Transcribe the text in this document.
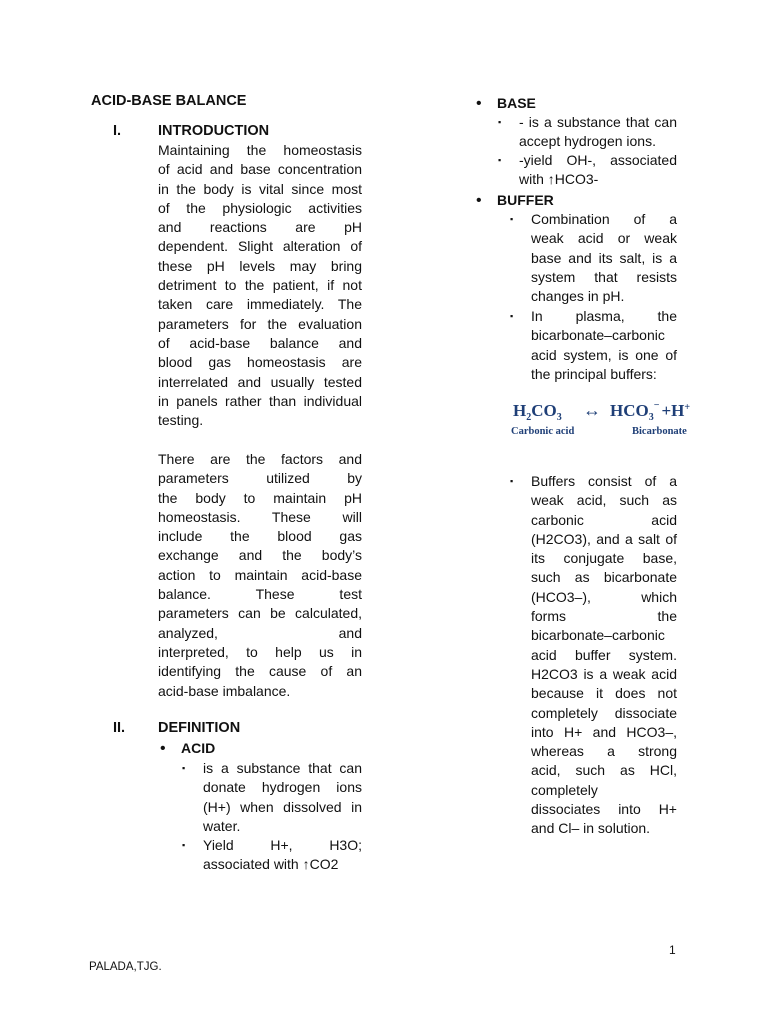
ACID-BASE BALANCE
I.	INTRODUCTION
Maintaining the homeostasis
of acid and base concentration
in the body is vital since most
of the physiologic activities
and reactions are pH
dependent. Slight alteration of
these pH levels may bring
detriment to the patient, if not
taken care immediately. The
parameters for the evaluation
of acid-base balance and
blood gas homeostasis are
interrelated and usually tested
in panels rather than individual
testing.
There are the factors and
parameters utilized by
the body to maintain pH
homeostasis. These will
include the blood gas
exchange and the body’s
action to maintain acid-base
balance. These test
parameters can be calculated,
analyzed, and
interpreted, to help us in
identifying the cause of an
acid-base imbalance.
II. DEFINITION
• ACID
▪ is a substance that can
donate hydrogen ions
(H+) when dissolved in
water.
▪ Yield H+, H3O;
associated with ↑CO2
• BASE
▪ - is a substance that can
accept hydrogen ions.
▪ -yield OH-, associated
with ↑HCO3-
• BUFFER
▪ Combination of a
weak acid or weak
base and its salt, is a
system that resists
changes in pH.
▪ In plasma, the
bicarbonate–carbonic
acid system, is one of
the principal buffers:
$H_2CO_3$ ↔ $HCO_3^- +H^+$
Carbonic acid	Bicarbonate
▪ Buffers consist of a
weak acid, such as
carbonic acid
(H2CO3), and a salt of
its conjugate base,
such as bicarbonate
(HCO3–), which
forms the
bicarbonate–carbonic
acid buffer system.
H2CO3 is a weak acid
because it does not
completely dissociate
into H+ and HCO3–,
whereas a strong
acid, such as HCl,
completely
dissociates into H+
and Cl– in solution.
1
PALADA,TJG.
